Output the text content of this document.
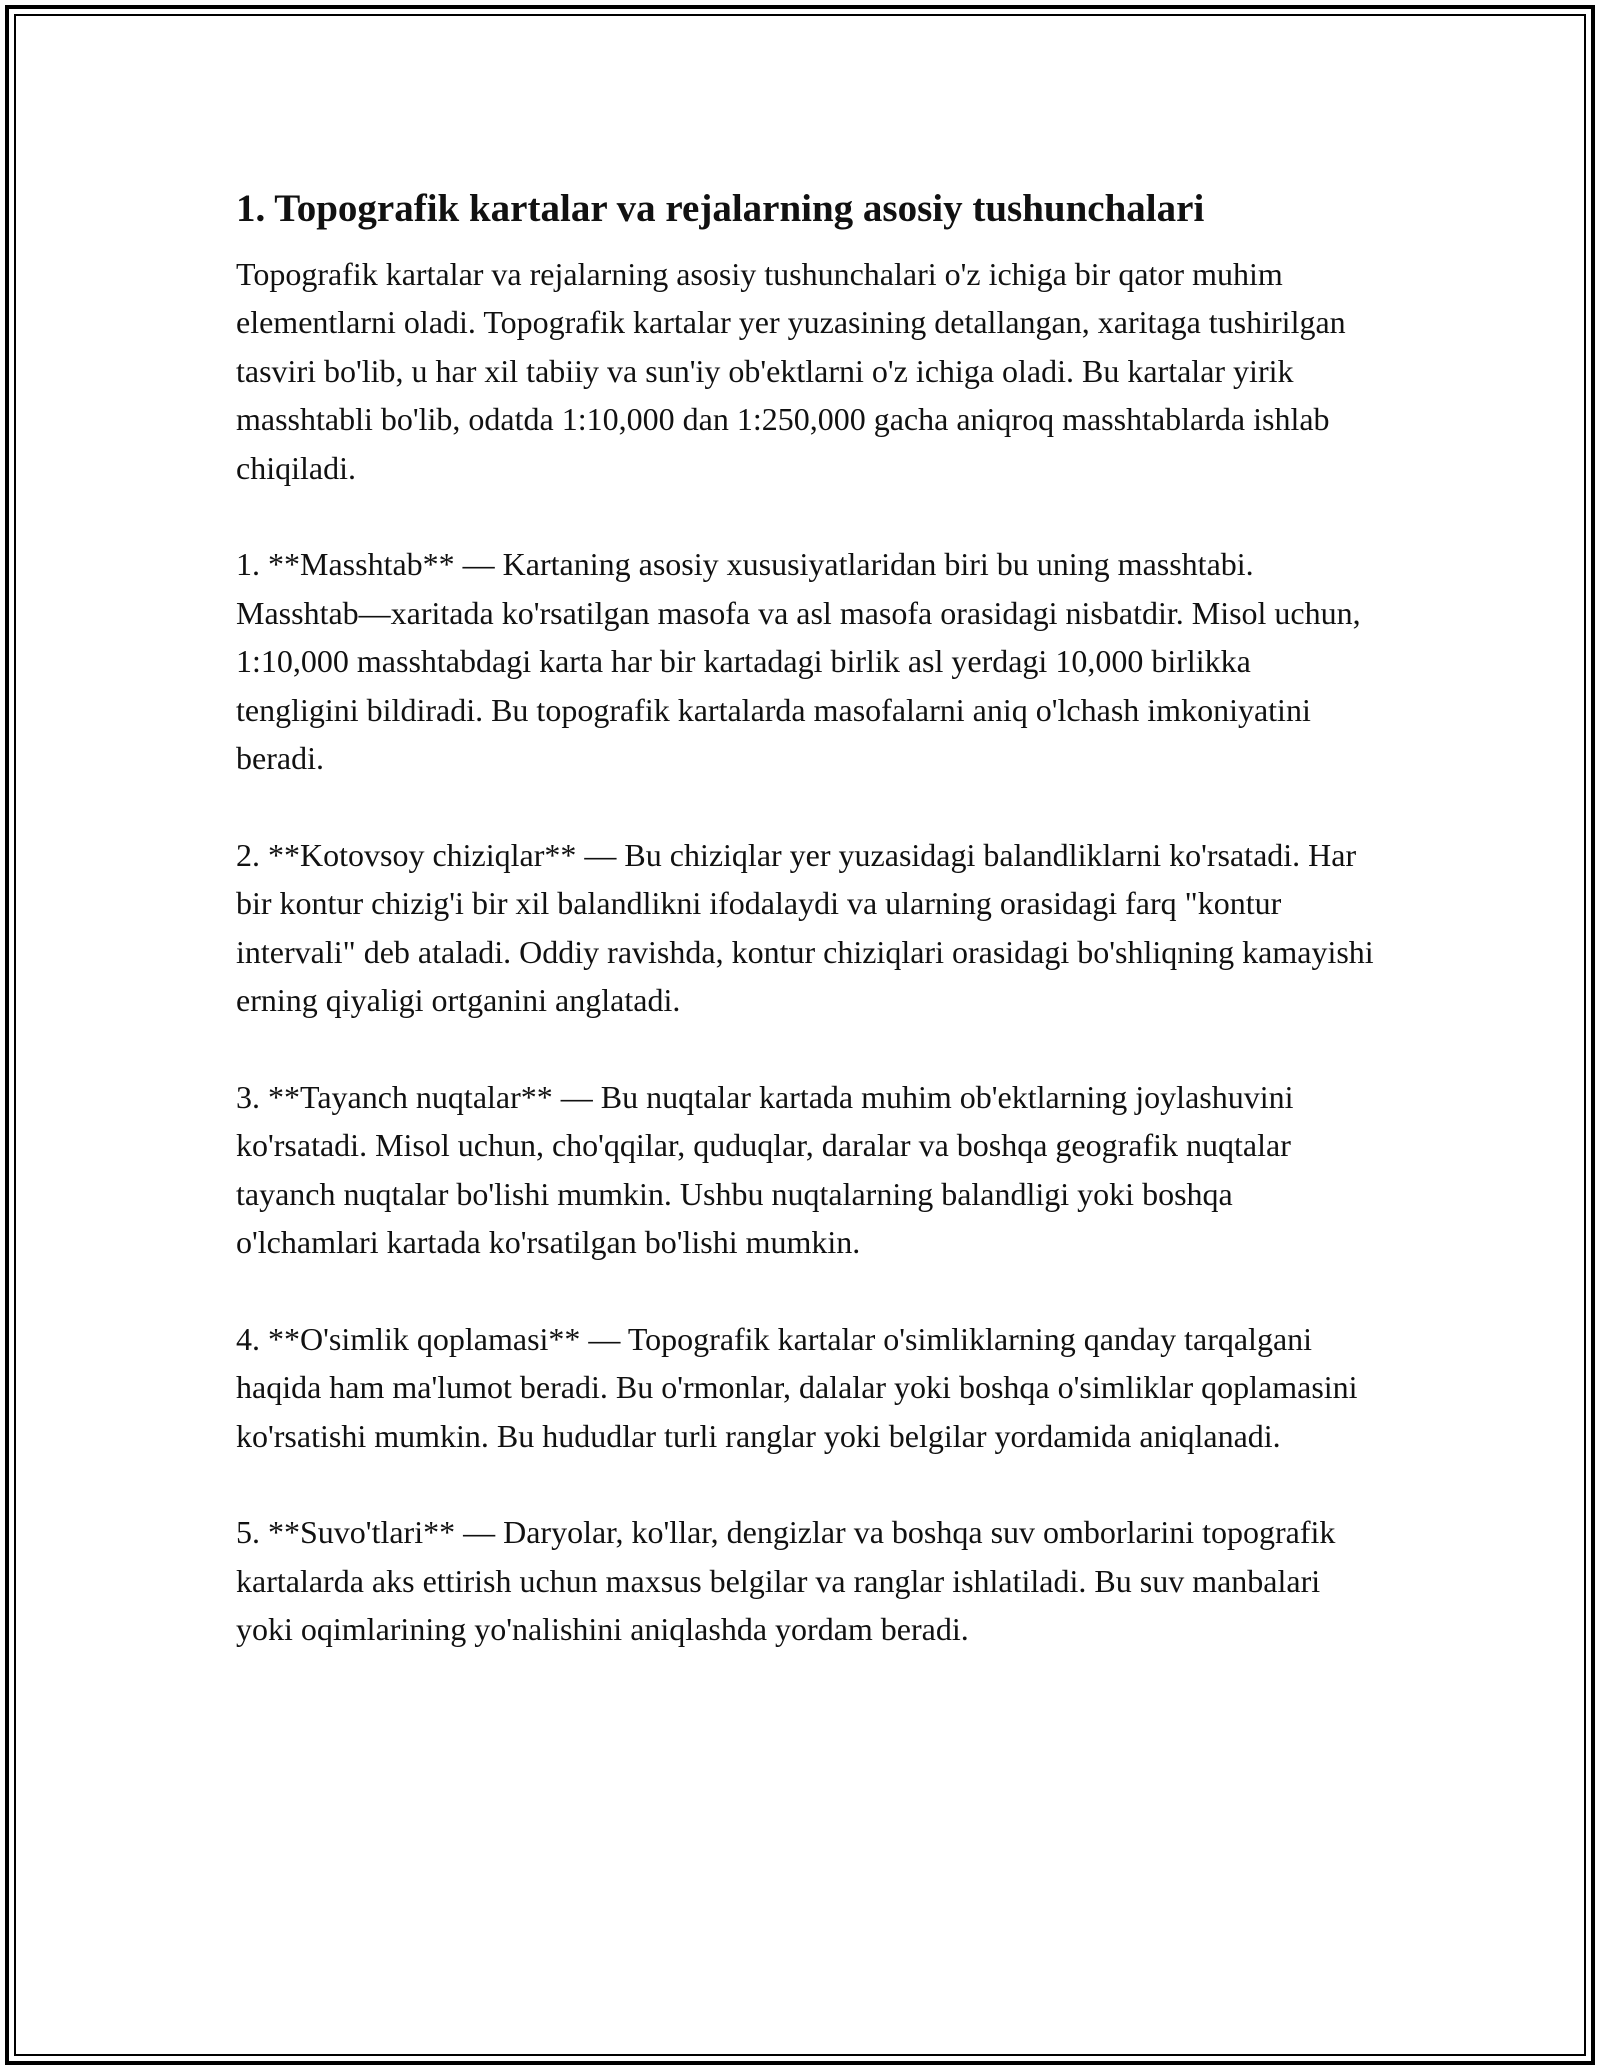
1. Topografik kartalar va rejalarning asosiy tushunchalari

Topografik kartalar va rejalarning asosiy tushunchalari o'z ichiga bir qator muhim elementlarni oladi. Topografik kartalar yer yuzasining detallangan, xaritaga tushirilgan tasviri bo'lib, u har xil tabiiy va sun'iy ob'ektlarni o'z ichiga oladi. Bu kartalar yirik masshtabli bo'lib, odatda 1:10,000 dan 1:250,000 gacha aniqroq masshtablarda ishlab chiqiladi.

1. **Masshtab** — Kartaning asosiy xususiyatlaridan biri bu uning masshtabi. Masshtab—xaritada ko'rsatilgan masofa va asl masofa orasidagi nisbatdir. Misol uchun, 1:10,000 masshtabdagi karta har bir kartadagi birlik asl yerdagi 10,000 birlikka tengligini bildiradi. Bu topografik kartalarda masofalarni aniq o'lchash imkoniyatini beradi.

2. **Kotovsoy chiziqlar** — Bu chiziqlar yer yuzasidagi balandliklarni ko'rsatadi. Har bir kontur chizig'i bir xil balandlikni ifodalaydi va ularning orasidagi farq "kontur intervali" deb ataladi. Oddiy ravishda, kontur chiziqlari orasidagi bo'shliqning kamayishi erning qiyaligi ortganini anglatadi.

3. **Tayanch nuqtalar** — Bu nuqtalar kartada muhim ob'ektlarning joylashuvini ko'rsatadi. Misol uchun, cho'qqilar, quduqlar, daralar va boshqa geografik nuqtalar tayanch nuqtalar bo'lishi mumkin. Ushbu nuqtalarning balandligi yoki boshqa o'lchamlari kartada ko'rsatilgan bo'lishi mumkin.

4. **O'simlik qoplamasi** — Topografik kartalar o'simliklarning qanday tarqalgani haqida ham ma'lumot beradi. Bu o'rmonlar, dalalar yoki boshqa o'simliklar qoplamasini ko'rsatishi mumkin. Bu hududlar turli ranglar yoki belgilar yordamida aniqlanadi.

5. **Suvo'tlari** — Daryolar, ko'llar, dengizlar va boshqa suv omborlarini topografik kartalarda aks ettirish uchun maxsus belgilar va ranglar ishlatiladi. Bu suv manbalari yoki oqimlarining yo'nalishini aniqlashda yordam beradi.
